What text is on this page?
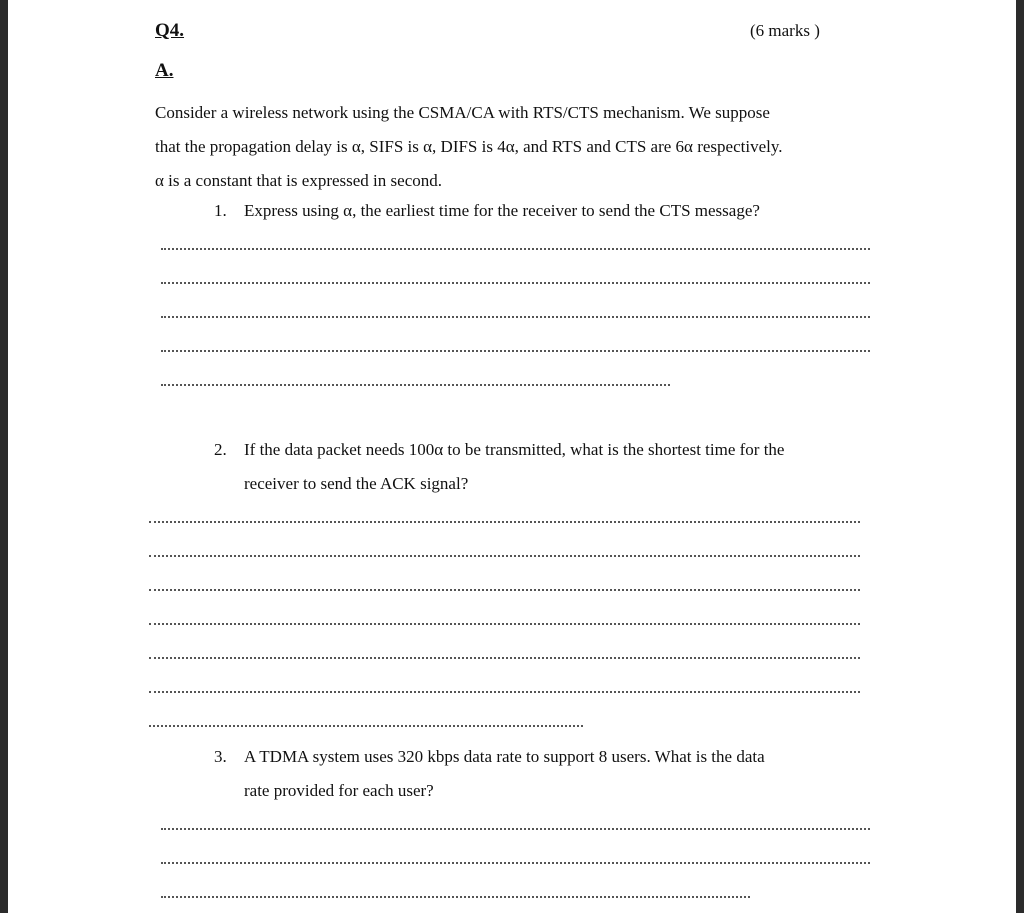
Q4.	(6 marks )
A.
Consider a wireless network using the CSMA/CA with RTS/CTS mechanism. We suppose
that the propagation delay is α, SIFS is α, DIFS is 4α, and RTS and CTS are 6α respectively.
α is a constant that is expressed in second.
1. Express using α, the earliest time for the receiver to send the CTS message?
2. If the data packet needs 100α to be transmitted, what is the shortest time for the
receiver to send the ACK signal?
3. A TDMA system uses 320 kbps data rate to support 8 users. What is the data
rate provided for each user?
